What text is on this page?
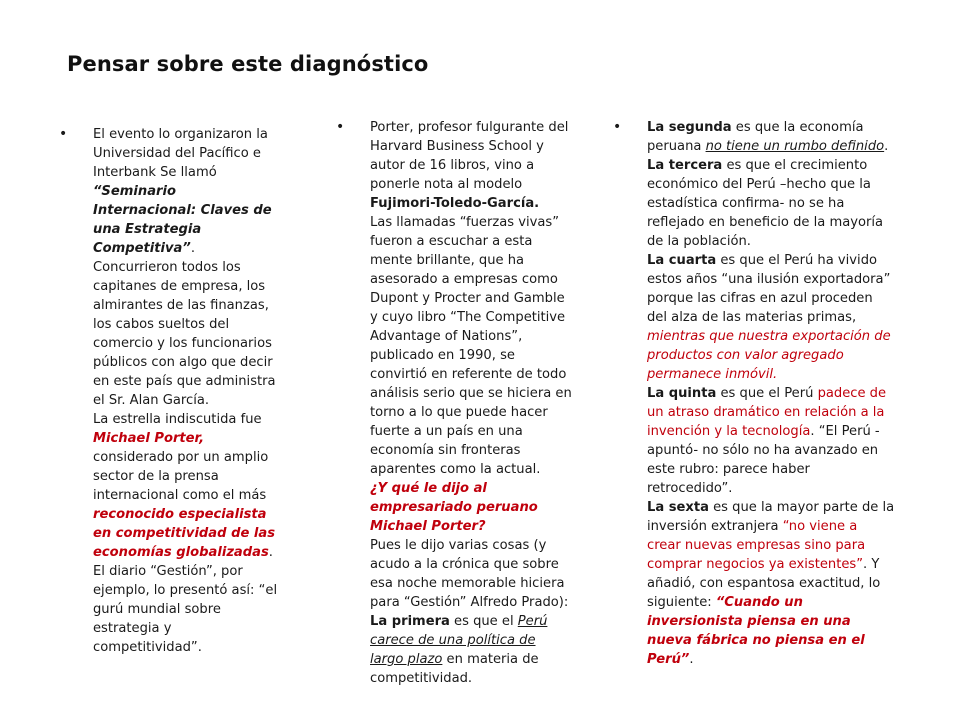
Pensar sobre este diagnóstico
• El evento lo organizaron la Universidad del Pacífico e Interbank Se llamó “Seminario Internacional: Claves de una Estrategia Competitiva”.
Concurrieron todos los capitanes de empresa, los almirantes de las finanzas, los cabos sueltos del comercio y los funcionarios públicos con algo que decir en este país que administra el Sr. Alan García.
La estrella indiscutida fue Michael Porter, considerado por un amplio sector de la prensa internacional como el más reconocido especialista en competitividad de las economías globalizadas.
El diario “Gestión”, por ejemplo, lo presentó así: “el gurú mundial sobre estrategia y competitividad”.
• Porter, profesor fulgurante del Harvard Business School y autor de 16 libros, vino a ponerle nota al modelo Fujimori-Toledo-García.
Las llamadas “fuerzas vivas” fueron a escuchar a esta mente brillante, que ha asesorado a empresas como Dupont y Procter and Gamble y cuyo libro “The Competitive Advantage of Nations”, publicado en 1990, se convirtió en referente de todo análisis serio que se hiciera en torno a lo que puede hacer fuerte a un país en una economía sin fronteras aparentes como la actual.
¿Y qué le dijo al empresariado peruano Michael Porter?
Pues le dijo varias cosas (y acudo a la crónica que sobre esa noche memorable hiciera para “Gestión” Alfredo Prado):
La primera es que el Perú carece de una política de largo plazo en materia de competitividad.
• La segunda es que la economía peruana no tiene un rumbo definido.
La tercera es que el crecimiento económico del Perú –hecho que la estadística confirma- no se ha reflejado en beneficio de la mayoría de la población.
La cuarta es que el Perú ha vivido estos años “una ilusión exportadora” porque las cifras en azul proceden del alza de las materias primas, mientras que nuestra exportación de productos con valor agregado permanece inmóvil.
La quinta es que el Perú padece de un atraso dramático en relación a la invención y la tecnología. “El Perú - apuntó- no sólo no ha avanzado en este rubro: parece haber retrocedido”.
La sexta es que la mayor parte de la inversión extranjera “no viene a crear nuevas empresas sino para comprar negocios ya existentes”. Y añadió, con espantosa exactitud, lo siguiente: “Cuando un inversionista piensa en una nueva fábrica no piensa en el Perú”.
